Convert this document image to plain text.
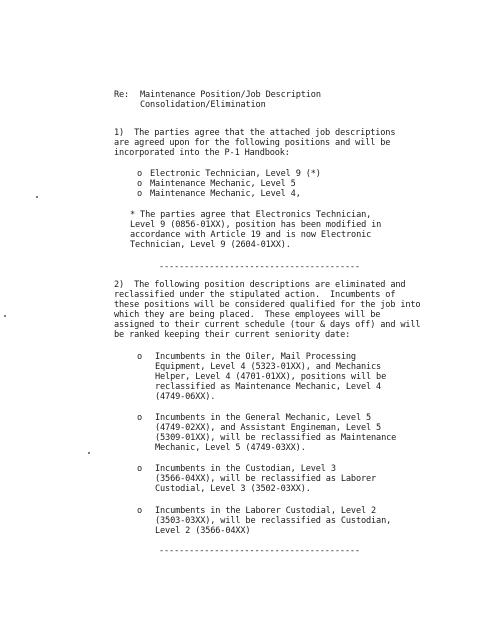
Re: Maintenance Position/Job Description
Consolidation/Elimination
1)  The parties agree that the attached job descriptions
are agreed upon for the following positions and will be
incorporated into the P-1 Handbook:
o Electronic Technician, Level 9 (*)
o Maintenance Mechanic, Level 5
o Maintenance Mechanic, Level 4,
* The parties agree that Electronics Technician,
Level 9 (0856-01XX), position has been modified in
accordance with Article 19 and is now Electronic
Technician, Level 9 (2604-01XX).
----------------------------------------
2)  The following position descriptions are eliminated and
reclassified under the stipulated action.  Incumbents of
these positions will be considered qualified for the job into
which they are being placed.  These employees will be
assigned to their current schedule (tour & days off) and will
be ranked keeping their current seniority date:
o Incumbents in the Oiler, Mail Processing
Equipment, Level 4 (5323-01XX), and Mechanics
Helper, Level 4 (4701-01XX), positions will be
reclassified as Maintenance Mechanic, Level 4
(4749-06XX).
o Incumbents in the General Mechanic, Level 5
(4749-02XX), and Assistant Engineman, Level 5
(5309-01XX), will be reclassified as Maintenance
Mechanic, Level 5 (4749-03XX).
o Incumbents in the Custodian, Level 3
(3566-04XX), will be reclassified as Laborer
Custodial, Level 3 (3502-03XX).
o Incumbents in the Laborer Custodial, Level 2
(3503-03XX), will be reclassified as Custodian,
Level 2 (3566-04XX)
----------------------------------------
